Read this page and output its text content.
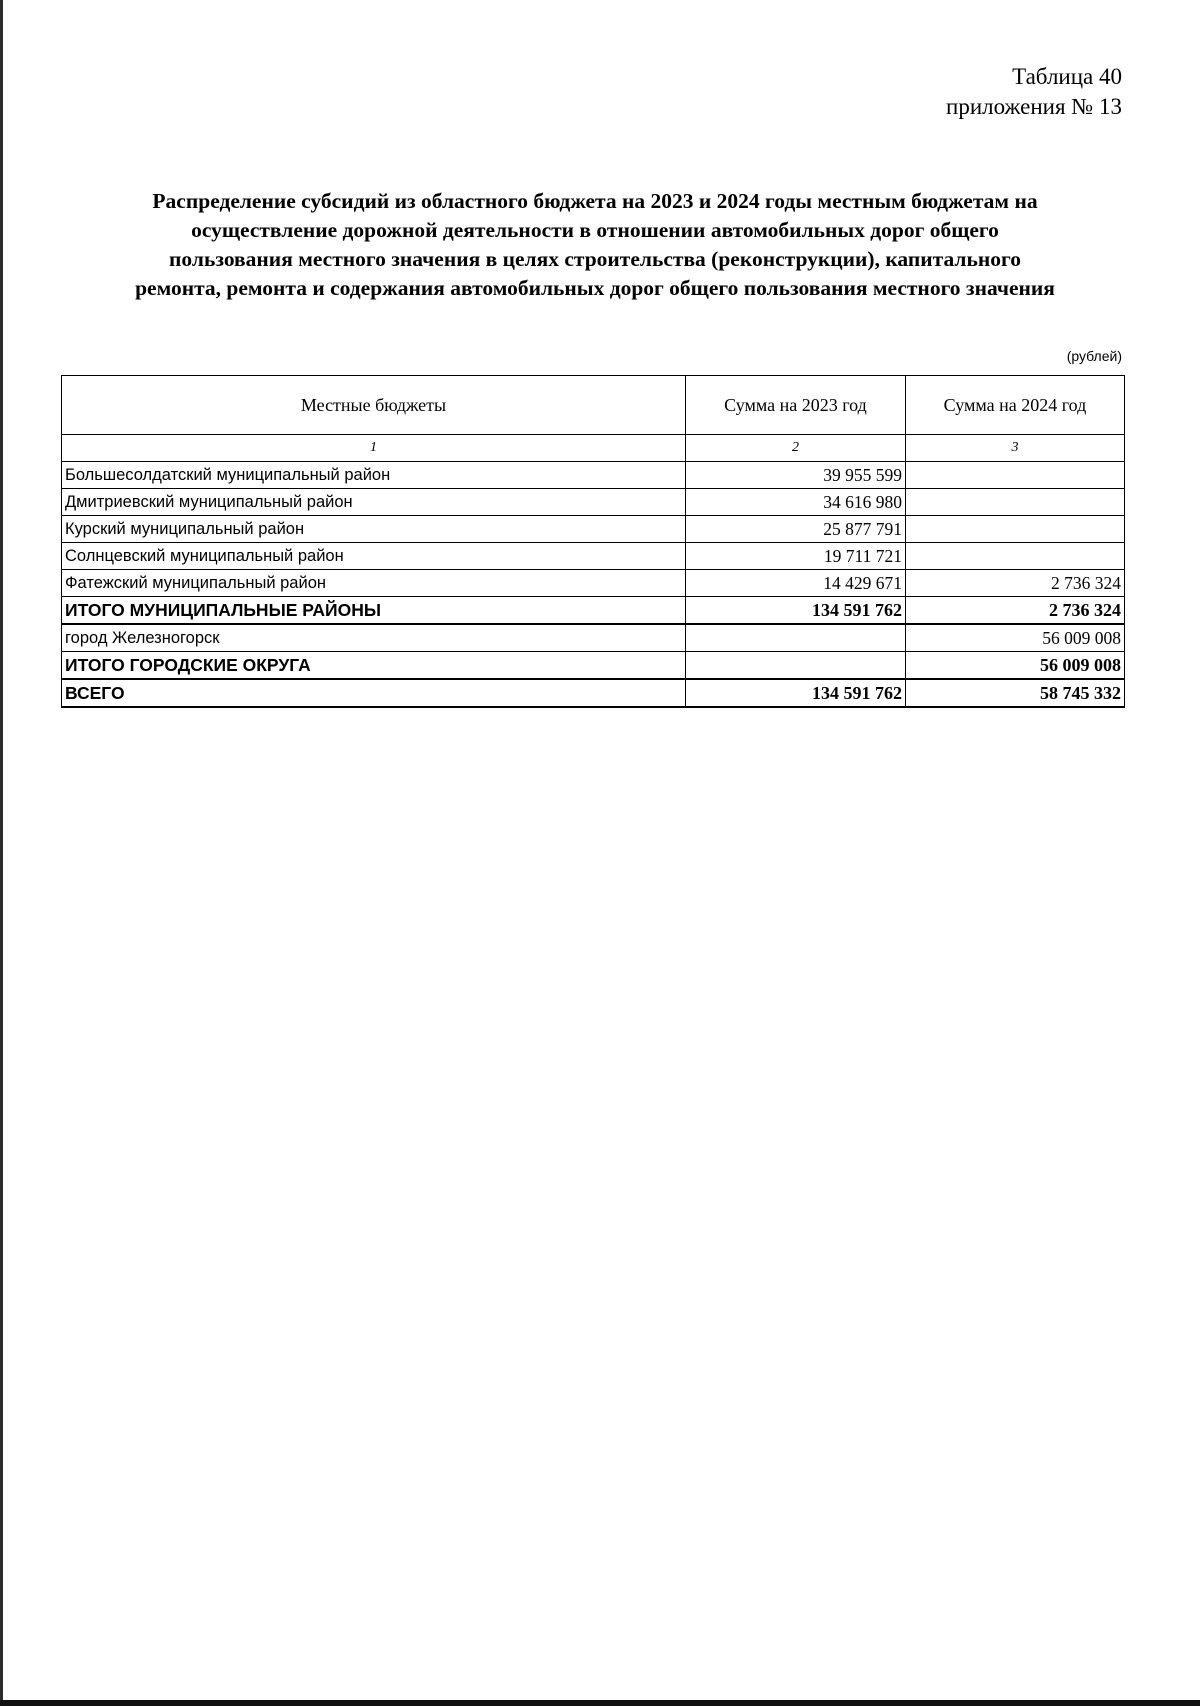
Таблица 40
приложения № 13
Распределение субсидий из областного бюджета на 2023 и 2024 годы местным бюджетам на
осуществление дорожной деятельности в отношении автомобильных дорог общего
пользования местного значения в целях строительства (реконструкции), капитального
ремонта, ремонта и содержания автомобильных дорог общего пользования местного значения
(рублей)
Местные бюджеты	Сумма на 2023 год	Сумма на 2024 год
1	2	3
Большесолдатский муниципальный район	39 955 599	
Дмитриевский муниципальный район	34 616 980	
Курский муниципальный район	25 877 791	
Солнцевский муниципальный район	19 711 721	
Фатежский муниципальный район	14 429 671	2 736 324
ИТОГО МУНИЦИПАЛЬНЫЕ РАЙОНЫ	134 591 762	2 736 324
город Железногорск		56 009 008
ИТОГО ГОРОДСКИЕ ОКРУГА		56 009 008
ВСЕГО	134 591 762	58 745 332
